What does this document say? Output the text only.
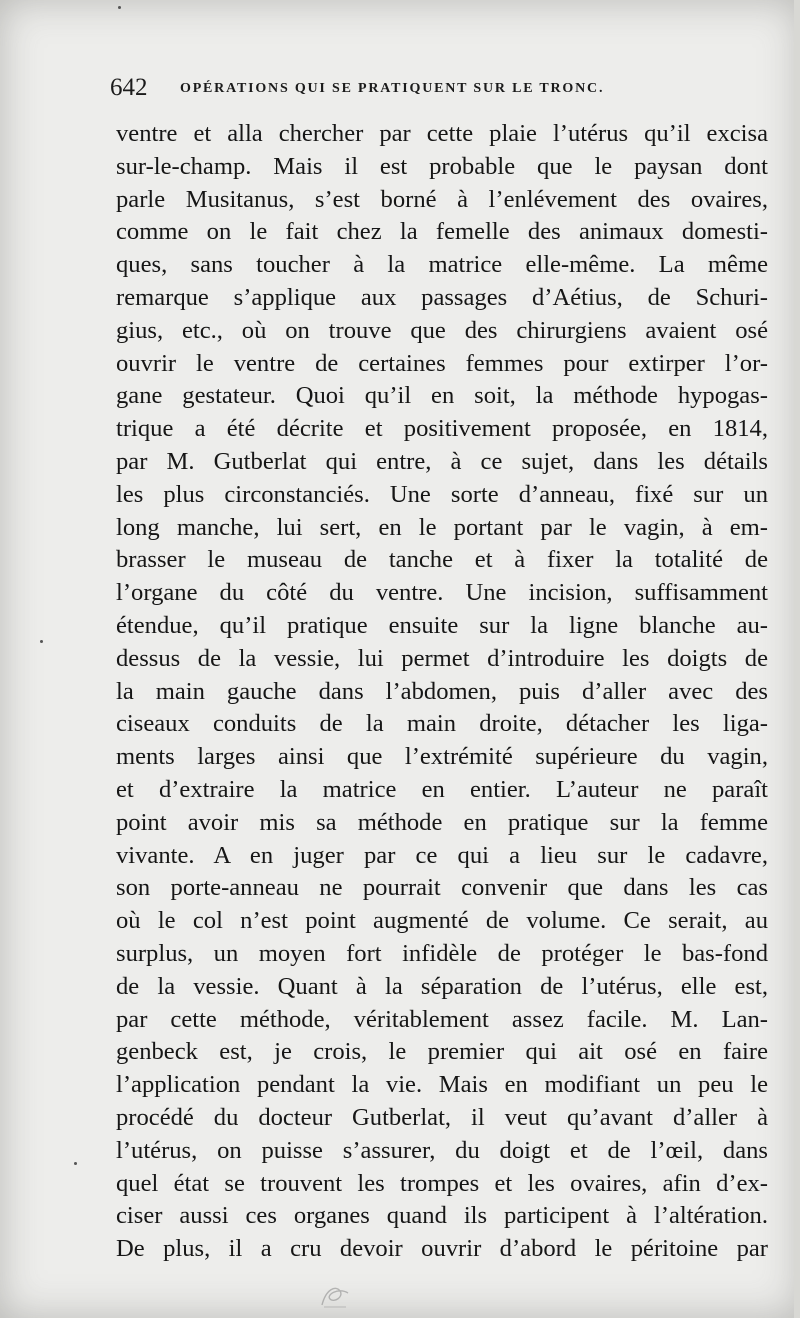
642 OPÉRATIONS QUI SE PRATIQUENT SUR LE TRONC.
ventre et alla chercher par cette plaie l’utérus qu’il excisa
sur-le-champ. Mais il est probable que le paysan dont
parle Musitanus, s’est borné à l’enlévement des ovaires,
comme on le fait chez la femelle des animaux domesti-
ques, sans toucher à la matrice elle-même. La même
remarque s’applique aux passages d’Aétius, de Schuri-
gius, etc., où on trouve que des chirurgiens avaient osé
ouvrir le ventre de certaines femmes pour extirper l’or-
gane gestateur. Quoi qu’il en soit, la méthode hypogas-
trique a été décrite et positivement proposée, en 1814,
par M. Gutberlat qui entre, à ce sujet, dans les détails
les plus circonstanciés. Une sorte d’anneau, fixé sur un
long manche, lui sert, en le portant par le vagin, à em-
brasser le museau de tanche et à fixer la totalité de
l’organe du côté du ventre. Une incision, suffisamment
étendue, qu’il pratique ensuite sur la ligne blanche au-
dessus de la vessie, lui permet d’introduire les doigts de
la main gauche dans l’abdomen, puis d’aller avec des
ciseaux conduits de la main droite, détacher les liga-
ments larges ainsi que l’extrémité supérieure du vagin,
et d’extraire la matrice en entier. L’auteur ne paraît
point avoir mis sa méthode en pratique sur la femme
vivante. A en juger par ce qui a lieu sur le cadavre,
son porte-anneau ne pourrait convenir que dans les cas
où le col n’est point augmenté de volume. Ce serait, au
surplus, un moyen fort infidèle de protéger le bas-fond
de la vessie. Quant à la séparation de l’utérus, elle est,
par cette méthode, véritablement assez facile. M. Lan-
genbeck est, je crois, le premier qui ait osé en faire
l’application pendant la vie. Mais en modifiant un peu le
procédé du docteur Gutberlat, il veut qu’avant d’aller à
l’utérus, on puisse s’assurer, du doigt et de l’œil, dans
quel état se trouvent les trompes et les ovaires, afin d’ex-
ciser aussi ces organes quand ils participent à l’altération.
De plus, il a cru devoir ouvrir d’abord le péritoine par
